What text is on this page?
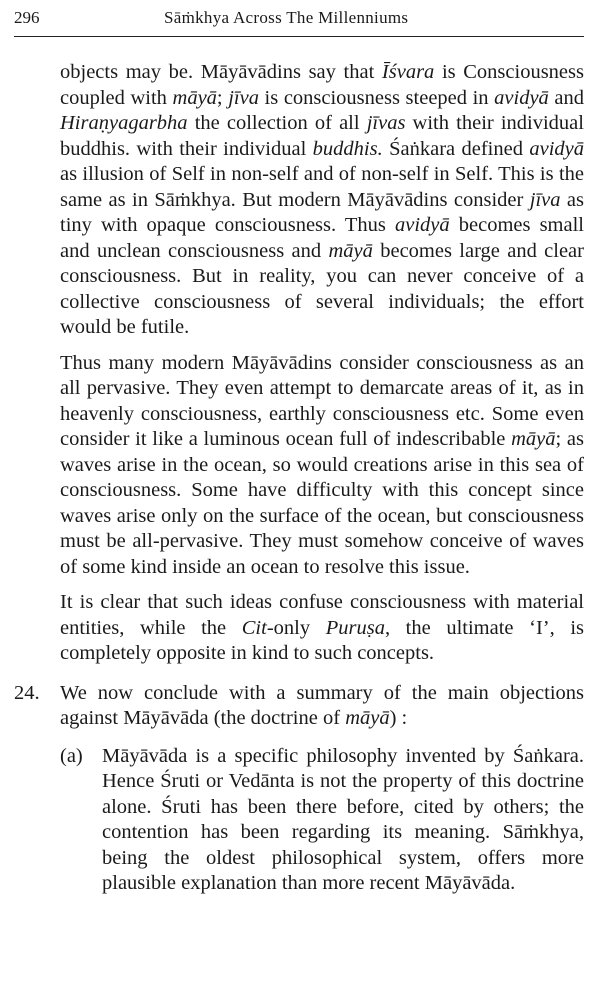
296	Sāṁkhya Across The Millenniums

objects may be. Māyāvādins say that Īśvara is Consciousness coupled with māyā; jīva is consciousness steeped in avidyā and Hiraṇyagarbha the collection of all jīvas with their individual buddhis. with their individual buddhis. Śaṅkara defined avidyā as illusion of Self in non-self and of non-self in Self. This is the same as in Sāṁkhya. But modern Māyāvādins consider jīva as tiny with opaque consciousness. Thus avidyā becomes small and unclean consciousness and māyā becomes large and clear consciousness. But in reality, you can never conceive of a collective consciousness of several individuals; the effort would be futile.

Thus many modern Māyāvādins consider consciousness as an all pervasive. They even attempt to demarcate areas of it, as in heavenly consciousness, earthly consciousness etc. Some even consider it like a luminous ocean full of indescribable māyā; as waves arise in the ocean, so would creations arise in this sea of consciousness. Some have difficulty with this concept since waves arise only on the surface of the ocean, but consciousness must be all-pervasive. They must somehow conceive of waves of some kind inside an ocean to resolve this issue.

It is clear that such ideas confuse consciousness with material entities, while the Cit-only Puruṣa, the ultimate ‘I’, is completely opposite in kind to such concepts.

24. We now conclude with a summary of the main objections against Māyāvāda (the doctrine of māyā) :

(a) Māyāvāda is a specific philosophy invented by Śaṅkara. Hence Śruti or Vedānta is not the property of this doctrine alone. Śruti has been there before, cited by others; the contention has been regarding its meaning. Sāṁkhya, being the oldest philosophical system, offers more plausible explanation than more recent Māyāvāda.
